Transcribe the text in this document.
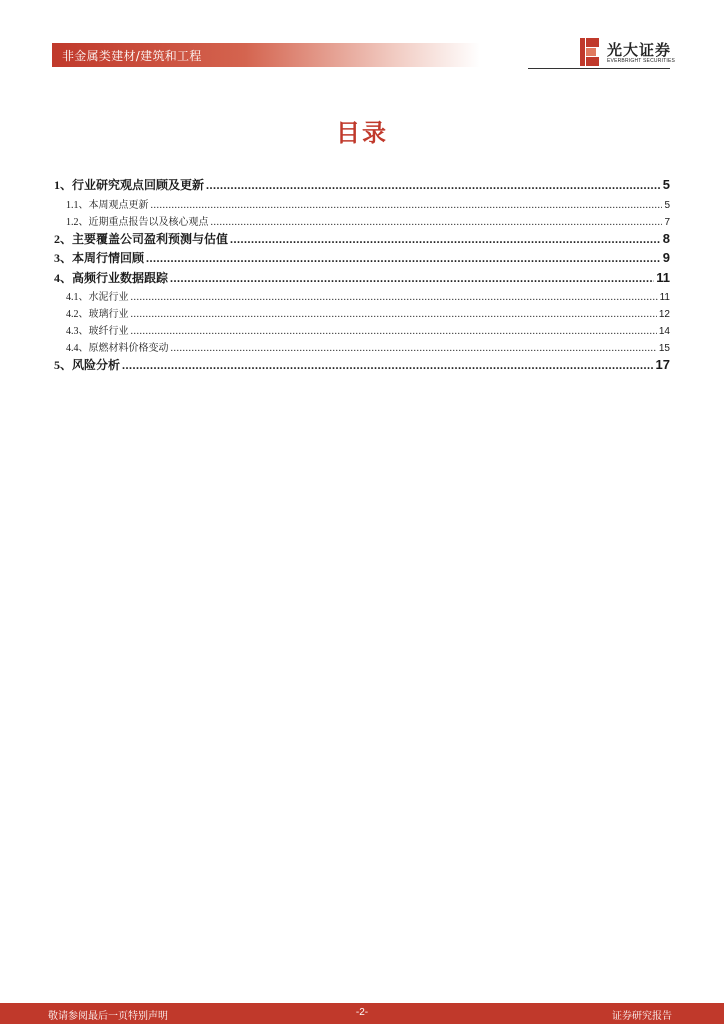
非金属类建材/建筑和工程	光大证券
EVERBRIGHT SECURITIES
目录
1、 行业研究观点回顾及更新 .....	5
1.1、 本周观点更新 .....	5
1.2、 近期重点报告以及核心观点 .....	7
2、 主要覆盖公司盈利预测与估值 .....	8
3、 本周行情回顾 .....	9
4、 高频行业数据跟踪 .....	11
4.1、 水泥行业 .....	11
4.2、 玻璃行业 .....	12
4.3、 玻纤行业 .....	14
4.4、 原燃材料价格变动 .....	15
5、 风险分析 .....	17
敬请参阅最后一页特别声明	-2-	证券研究报告
